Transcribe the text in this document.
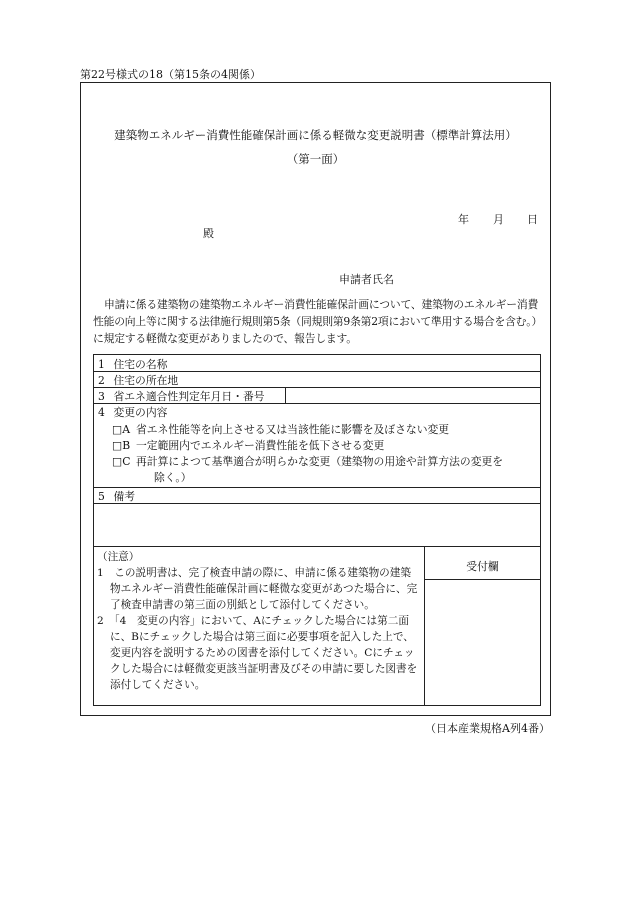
第22号様式の18（第15条の4関係）
建築物エネルギー消費性能確保計画に係る軽微な変更説明書（標準計算法用）
（第一面）
年 月 日
殿
申請者氏名
申請に係る建築物の建築物エネルギー消費性能確保計画について、建築物のエネルギー消費性能の向上等に関する法律施行規則第5条（同規則第9条第2項において準用する場合を含む。）に規定する軽微な変更がありましたので、報告します。
1 住宅の名称
2 住宅の所在地
3 省エネ適合性判定年月日・番号
4 変更の内容
□A 省エネ性能等を向上させる又は当該性能に影響を及ぼさない変更
□B 一定範囲内でエネルギー消費性能を低下させる変更
□C 再計算によつて基準適合が明らかな変更（建築物の用途や計算方法の変更を
除く。）
5 備考

（注意）

1　この説明書は、完了検査申請の際に、申請に係る建築物の建築物エネルギー消費性能確保計画に軽微な変更があつた場合に、完了検査申請書の第三面の別紙として添付してください。

2　「4　変更の内容」において、Aにチェックした場合には第二面に、Bにチェックした場合は第三面に必要事項を記入した上で、変更内容を説明するための図書を添付してください。Cにチェックした場合には軽微変更該当証明書及びその申請に要した図書を添付してください。

受付欄
（日本産業規格A列4番）
